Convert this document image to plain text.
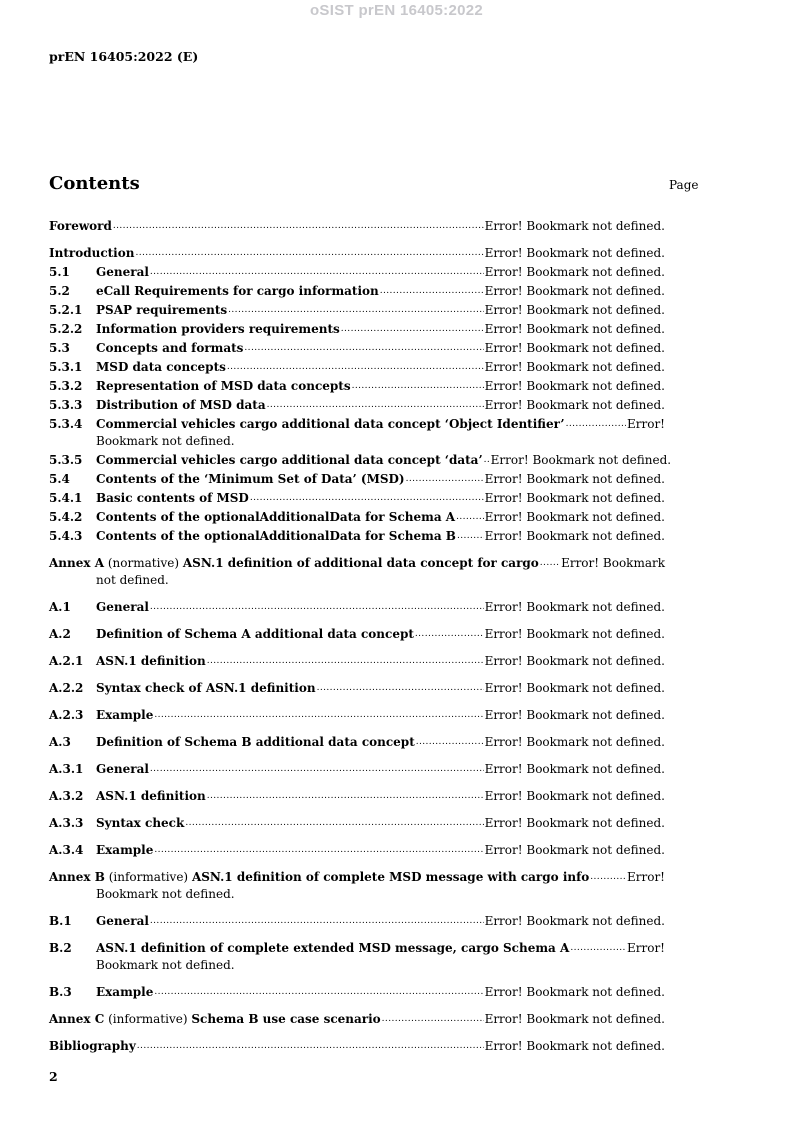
oSIST prEN 16405:2022
prEN 16405:2022 (E)
Contents	Page
Foreword .....	Error! Bookmark not defined.
Introduction .....	Error! Bookmark not defined.
5.1	General .....	Error! Bookmark not defined.
5.2	eCall Requirements for cargo information .....	Error! Bookmark not defined.
5.2.1	PSAP requirements .....	Error! Bookmark not defined.
5.2.2	Information providers requirements .....	Error! Bookmark not defined.
5.3	Concepts and formats .....	Error! Bookmark not defined.
5.3.1	MSD data concepts .....	Error! Bookmark not defined.
5.3.2	Representation of MSD data concepts .....	Error! Bookmark not defined.
5.3.3	Distribution of MSD data .....	Error! Bookmark not defined.
5.3.4	Commercial vehicles cargo additional data concept ‘Object Identifier’ .....	Error!
Bookmark not defined.
5.3.5	Commercial vehicles cargo additional data concept ‘data’ ..... Error! Bookmark not defined.
5.4	Contents of the ‘Minimum Set of Data’ (MSD) .....	Error! Bookmark not defined.
5.4.1	Basic contents of MSD .....	Error! Bookmark not defined.
5.4.2	Contents of the optionalAdditionalData for Schema A ..... Error! Bookmark not defined.
5.4.3	Contents of the optionalAdditionalData for Schema B ..... Error! Bookmark not defined.
Annex A (normative) ASN.1 definition of additional data concept for cargo ..... Error! Bookmark
not defined.
A.1	General .....	Error! Bookmark not defined.
A.2	Definition of Schema A additional data concept .....	Error! Bookmark not defined.
A.2.1	ASN.1 definition .....	Error! Bookmark not defined.
A.2.2	Syntax check of ASN.1 definition .....	Error! Bookmark not defined.
A.2.3	Example .....	Error! Bookmark not defined.
A.3	Definition of Schema B additional data concept .....	Error! Bookmark not defined.
A.3.1	General .....	Error! Bookmark not defined.
A.3.2	ASN.1 definition .....	Error! Bookmark not defined.
A.3.3	Syntax check .....	Error! Bookmark not defined.
A.3.4	Example .....	Error! Bookmark not defined.
Annex B (informative) ASN.1 definition of complete MSD message with cargo info .....	Error!
Bookmark not defined.
B.1	General .....	Error! Bookmark not defined.
B.2	ASN.1 definition of complete extended MSD message, cargo Schema A .....	Error!
Bookmark not defined.
B.3	Example .....	Error! Bookmark not defined.
Annex C (informative) Schema B use case scenario .....	Error! Bookmark not defined.
Bibliography .....	Error! Bookmark not defined.
2
